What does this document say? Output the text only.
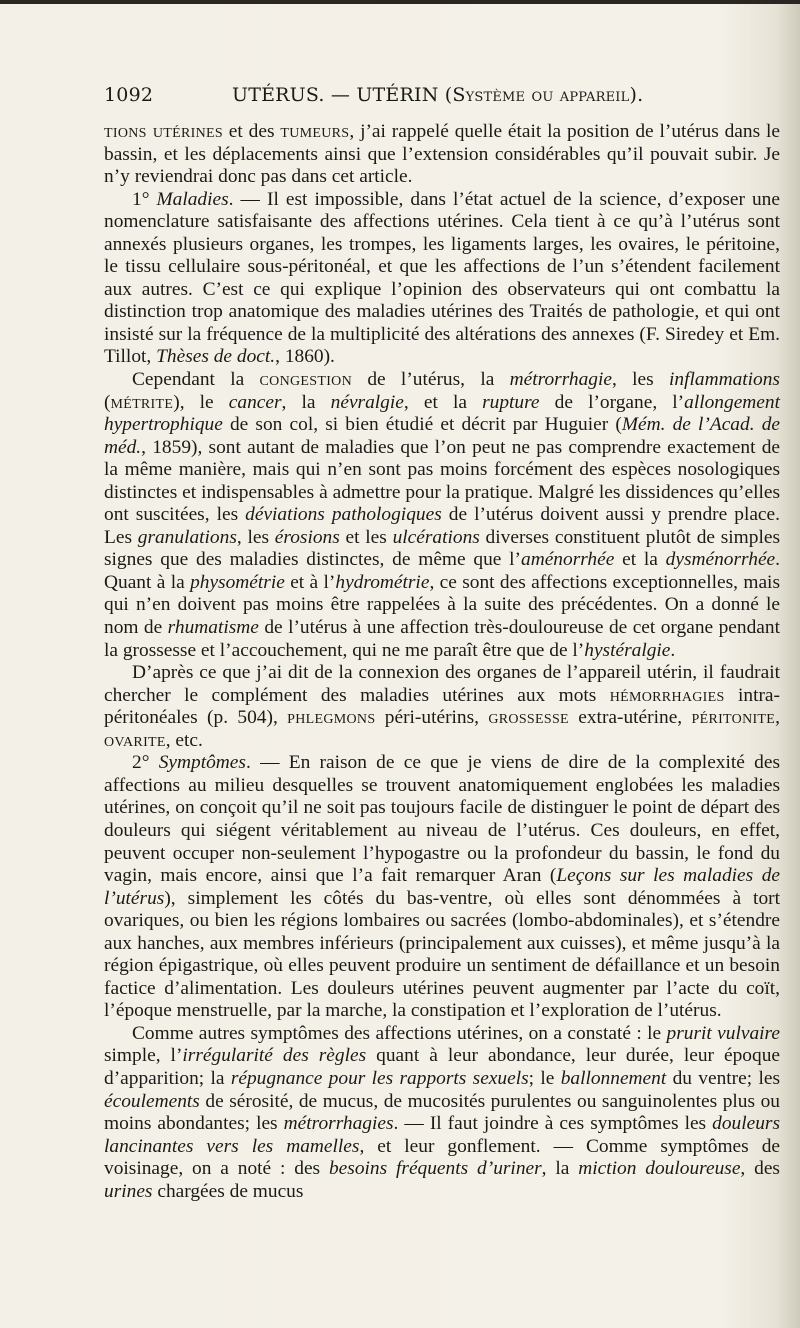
1092	UTÉRUS. — UTÉRIN (Système ou appareil).

tions utérines et des tumeurs, j’ai rappelé quelle était la position de l’utérus dans le bassin, et les déplacements ainsi que l’extension considérables qu’il pouvait subir. Je n’y reviendrai donc pas dans cet article.

1° Maladies. — Il est impossible, dans l’état actuel de la science, d’exposer une nomenclature satisfaisante des affections utérines. Cela tient à ce qu’à l’utérus sont annexés plusieurs organes, les trompes, les ligaments larges, les ovaires, le péritoine, le tissu cellulaire sous-péritonéal, et que les affections de l’un s’étendent facilement aux autres. C’est ce qui explique l’opinion des observateurs qui ont combattu la distinction trop anatomique des maladies utérines des Traités de pathologie, et qui ont insisté sur la fréquence de la multiplicité des altérations des annexes (F. Siredey et Em. Tillot, Thèses de doct., 1860).

Cependant la congestion de l’utérus, la métrorrhagie, les inflammations (métrite), le cancer, la névralgie, et la rupture de l’organe, l’allongement hypertrophique de son col, si bien étudié et décrit par Huguier (Mém. de l’Acad. de méd., 1859), sont autant de maladies que l’on peut ne pas comprendre exactement de la même manière, mais qui n’en sont pas moins forcément des espèces nosologiques distinctes et indispensables à admettre pour la pratique. Malgré les dissidences qu’elles ont suscitées, les déviations pathologiques de l’utérus doivent aussi y prendre place. Les granulations, les érosions et les ulcérations diverses constituent plutôt de simples signes que des maladies distinctes, de même que l’aménorrhée et la dysménorrhée. Quant à la physométrie et à l’hydrométrie, ce sont des affections exceptionnelles, mais qui n’en doivent pas moins être rappelées à la suite des précédentes. On a donné le nom de rhumatisme de l’utérus à une affection très-douloureuse de cet organe pendant la grossesse et l’accouchement, qui ne me paraît être que de l’hystéralgie.

D’après ce que j’ai dit de la connexion des organes de l’appareil utérin, il faudrait chercher le complément des maladies utérines aux mots hémorrhagies intra-péritonéales (p. 504), phlegmons péri-utérins, grossesse extra-utérine, péritonite, ovarite, etc.

2° Symptômes. — En raison de ce que je viens de dire de la complexité des affections au milieu desquelles se trouvent anatomiquement englobées les maladies utérines, on conçoit qu’il ne soit pas toujours facile de distinguer le point de départ des douleurs qui siégent véritablement au niveau de l’utérus. Ces douleurs, en effet, peuvent occuper non-seulement l’hypogastre ou la profondeur du bassin, le fond du vagin, mais encore, ainsi que l’a fait remarquer Aran (Leçons sur les maladies de l’utérus), simplement les côtés du bas-ventre, où elles sont dénommées à tort ovariques, ou bien les régions lombaires ou sacrées (lombo-abdominales), et s’étendre aux hanches, aux membres inférieurs (principalement aux cuisses), et même jusqu’à la région épigastrique, où elles peuvent produire un sentiment de défaillance et un besoin factice d’alimentation. Les douleurs utérines peuvent augmenter par l’acte du coït, l’époque menstruelle, par la marche, la constipation et l’exploration de l’utérus.

Comme autres symptômes des affections utérines, on a constaté : le prurit vulvaire simple, l’irrégularité des règles quant à leur abondance, leur durée, leur époque d’apparition; la répugnance pour les rapports sexuels; le ballonnement du ventre; les écoulements de sérosité, de mucus, de mucosités purulentes ou sanguinolentes plus ou moins abondantes; les métrorrhagies. — Il faut joindre à ces symptômes les douleurs lancinantes vers les mamelles, et leur gonflement. — Comme symptômes de voisinage, on a noté : des besoins fréquents d’uriner, la miction douloureuse, des urines chargées de mucus
